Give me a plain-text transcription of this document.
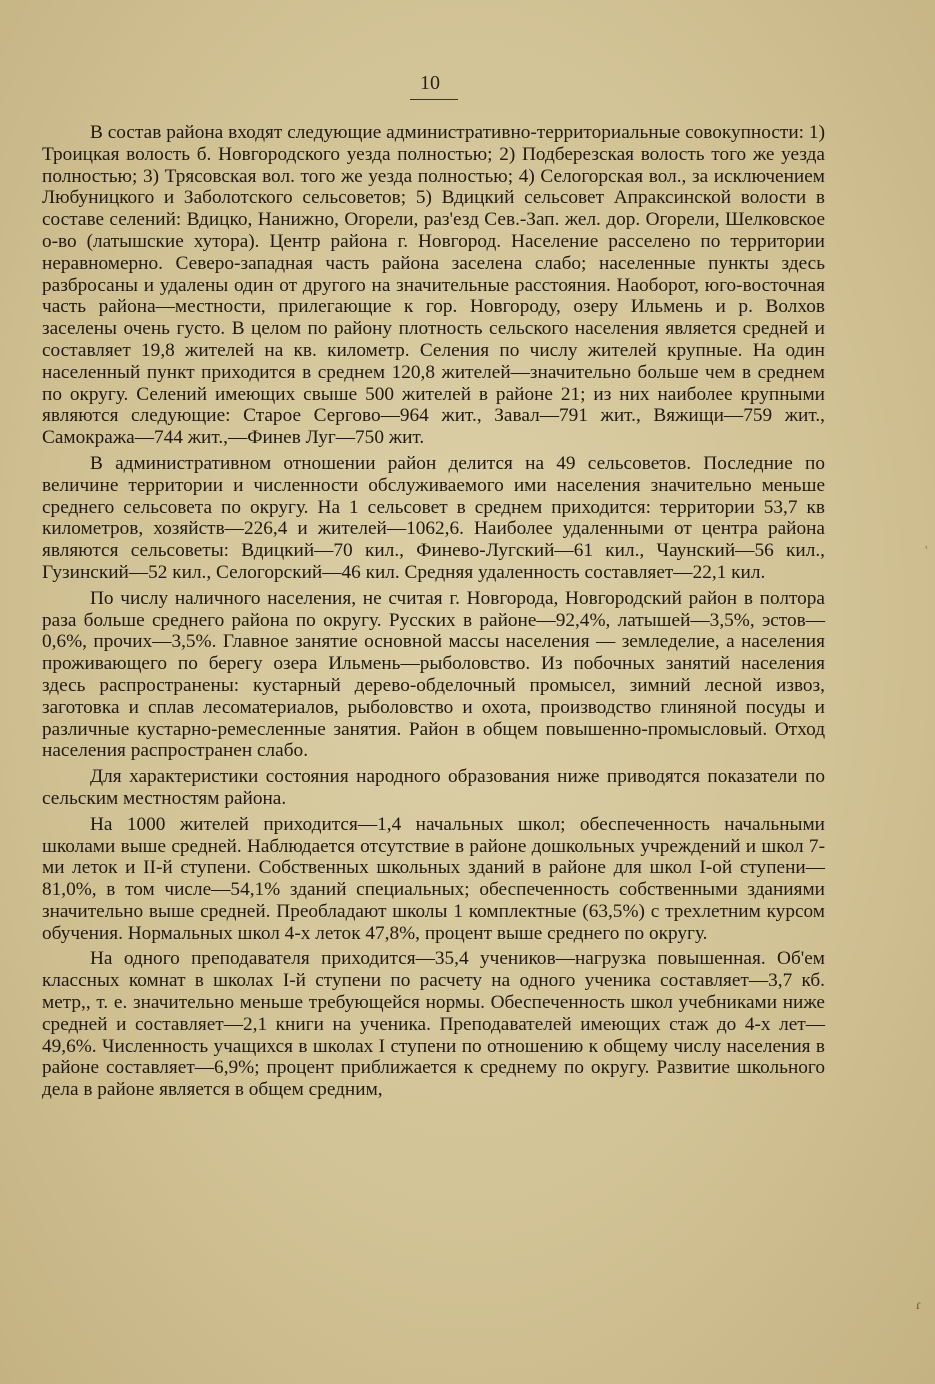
10

В состав района входят следующие административно-территориальные совокупности: 1) Троицкая волость б. Новгородского уезда полностью; 2) Подберезская волость того же уезда полностью; 3) Трясовская вол. того же уезда полностью; 4) Селогорская вол., за исключением Любуницкого и Заболотского сельсоветов; 5) Вдицкий сельсовет Апраксинской волости в составе селений: Вдицко, Нанижно, Огорели, раз'езд Сев.-Зап. жел. дор. Огорели, Шелковское о-во (латышские хутора). Центр района г. Новгород. Население расселено по территории неравномерно. Северо-западная часть района заселена слабо; населенные пункты здесь разбросаны и удалены один от другого на значительные расстояния. Наоборот, юго-восточная часть района—местности, прилегающие к гор. Новгороду, озеру Ильмень и р. Волхов заселены очень густо. В целом по району плотность сельского населения является средней и составляет 19,8 жителей на кв. километр. Селения по числу жителей крупные. На один населенный пункт приходится в среднем 120,8 жителей—значительно больше чем в среднем по округу. Селений имеющих свыше 500 жителей в районе 21; из них наиболее крупными являются следующие: Старое Сергово—964 жит., Завал—791 жит., Вяжищи—759 жит., Самокража—744 жит.,—Финев Луг—750 жит.

В административном отношении район делится на 49 сельсоветов. Последние по величине территории и численности обслуживаемого ими населения значительно меньше среднего сельсовета по округу. На 1 сельсовет в среднем приходится: территории 53,7 кв километров, хозяйств—226,4 и жителей—1062,6. Наиболее удаленными от центра района являются сельсоветы: Вдицкий—70 кил., Финево-Лугский—61 кил., Чаунский—56 кил., Гузинский—52 кил., Селогорский—46 кил. Средняя удаленность составляет—22,1 кил.

По числу наличного населения, не считая г. Новгорода, Новгородский район в полтора раза больше среднего района по округу. Русских в районе—92,4%, латышей—3,5%, эстов—0,6%, прочих—3,5%. Главное занятие основной массы населения — земледелие, а населения проживающего по берегу озера Ильмень—рыболовство. Из побочных занятий населения здесь распространены: кустарный дерево-обделочный промысел, зимний лесной извоз, заготовка и сплав лесоматериалов, рыболовство и охота, производство глиняной посуды и различные кустарно-ремесленные занятия. Район в общем повышенно-промысловый. Отход населения распространен слабо.

Для характеристики состояния народного образования ниже приводятся показатели по сельским местностям района.

На 1000 жителей приходится—1,4 начальных школ; обеспеченность начальными школами выше средней. Наблюдается отсутствие в районе дошкольных учреждений и школ 7-ми леток и II-й ступени. Собственных школьных зданий в районе для школ I-ой ступени—81,0%, в том числе—54,1% зданий специальных; обеспеченность собственными зданиями значительно выше средней. Преобладают школы 1 комплектные (63,5%) с трехлетним курсом обучения. Нормальных школ 4-х леток 47,8%, процент выше среднего по округу.

На одного преподавателя приходится—35,4 учеников—нагрузка повышенная. Об'ем классных комнат в школах I-й ступени по расчету на одного ученика составляет—3,7 кб. метр,, т. е. значительно меньше требующейся нормы. Обеспеченность школ учебниками ниже средней и составляет—2,1 книги на ученика. Преподавателей имеющих стаж до 4-х лет—49,6%. Численность учащихся в школах I ступени по отношению к общему числу населения в районе составляет—6,9%; процент приближается к среднему по округу. Развитие школьного дела в районе является в общем средним,

ʿ
ɾ
